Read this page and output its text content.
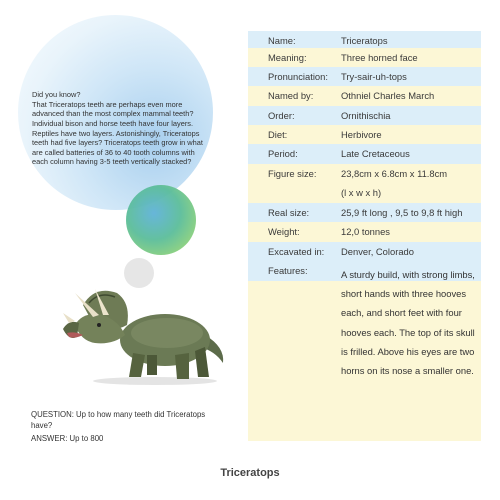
Did you know?

That Triceratops teeth are perhaps even more advanced than the most complex mammal teeth?

Individual bison and horse teeth have four layers. Reptiles have two layers. Astonishingly, Triceratops teeth had five layers? Triceratops teeth grow in what are called batteries of 36 to 40 tooth columns with each column having 3-5 teeth vertically stacked?

QUESTION: Up to how many teeth did Triceratops have?
ANSWER: Up to 800
Name:	Triceratops
Meaning:	Three horned face
Pronunciation: Try-sair-uh-tops
Named by:	Othniel Charles March
Order:	Ornithischia
Diet:	Herbivore
Period:	Late Cretaceous
Figure size:	23,8cm x 6.8cm x 11.8cm
(l x w x h)
Real size:	25,9 ft long , 9,5 to 9,8 ft high
Weight:	12,0 tonnes
Excavated in: Denver, Colorado
Features:	A sturdy build, with strong limbs, short hands with three hooves each, and short feet with four hooves each. The top of its skull is frilled. Above his eyes are two horns on its nose a smaller one.
Triceratops
